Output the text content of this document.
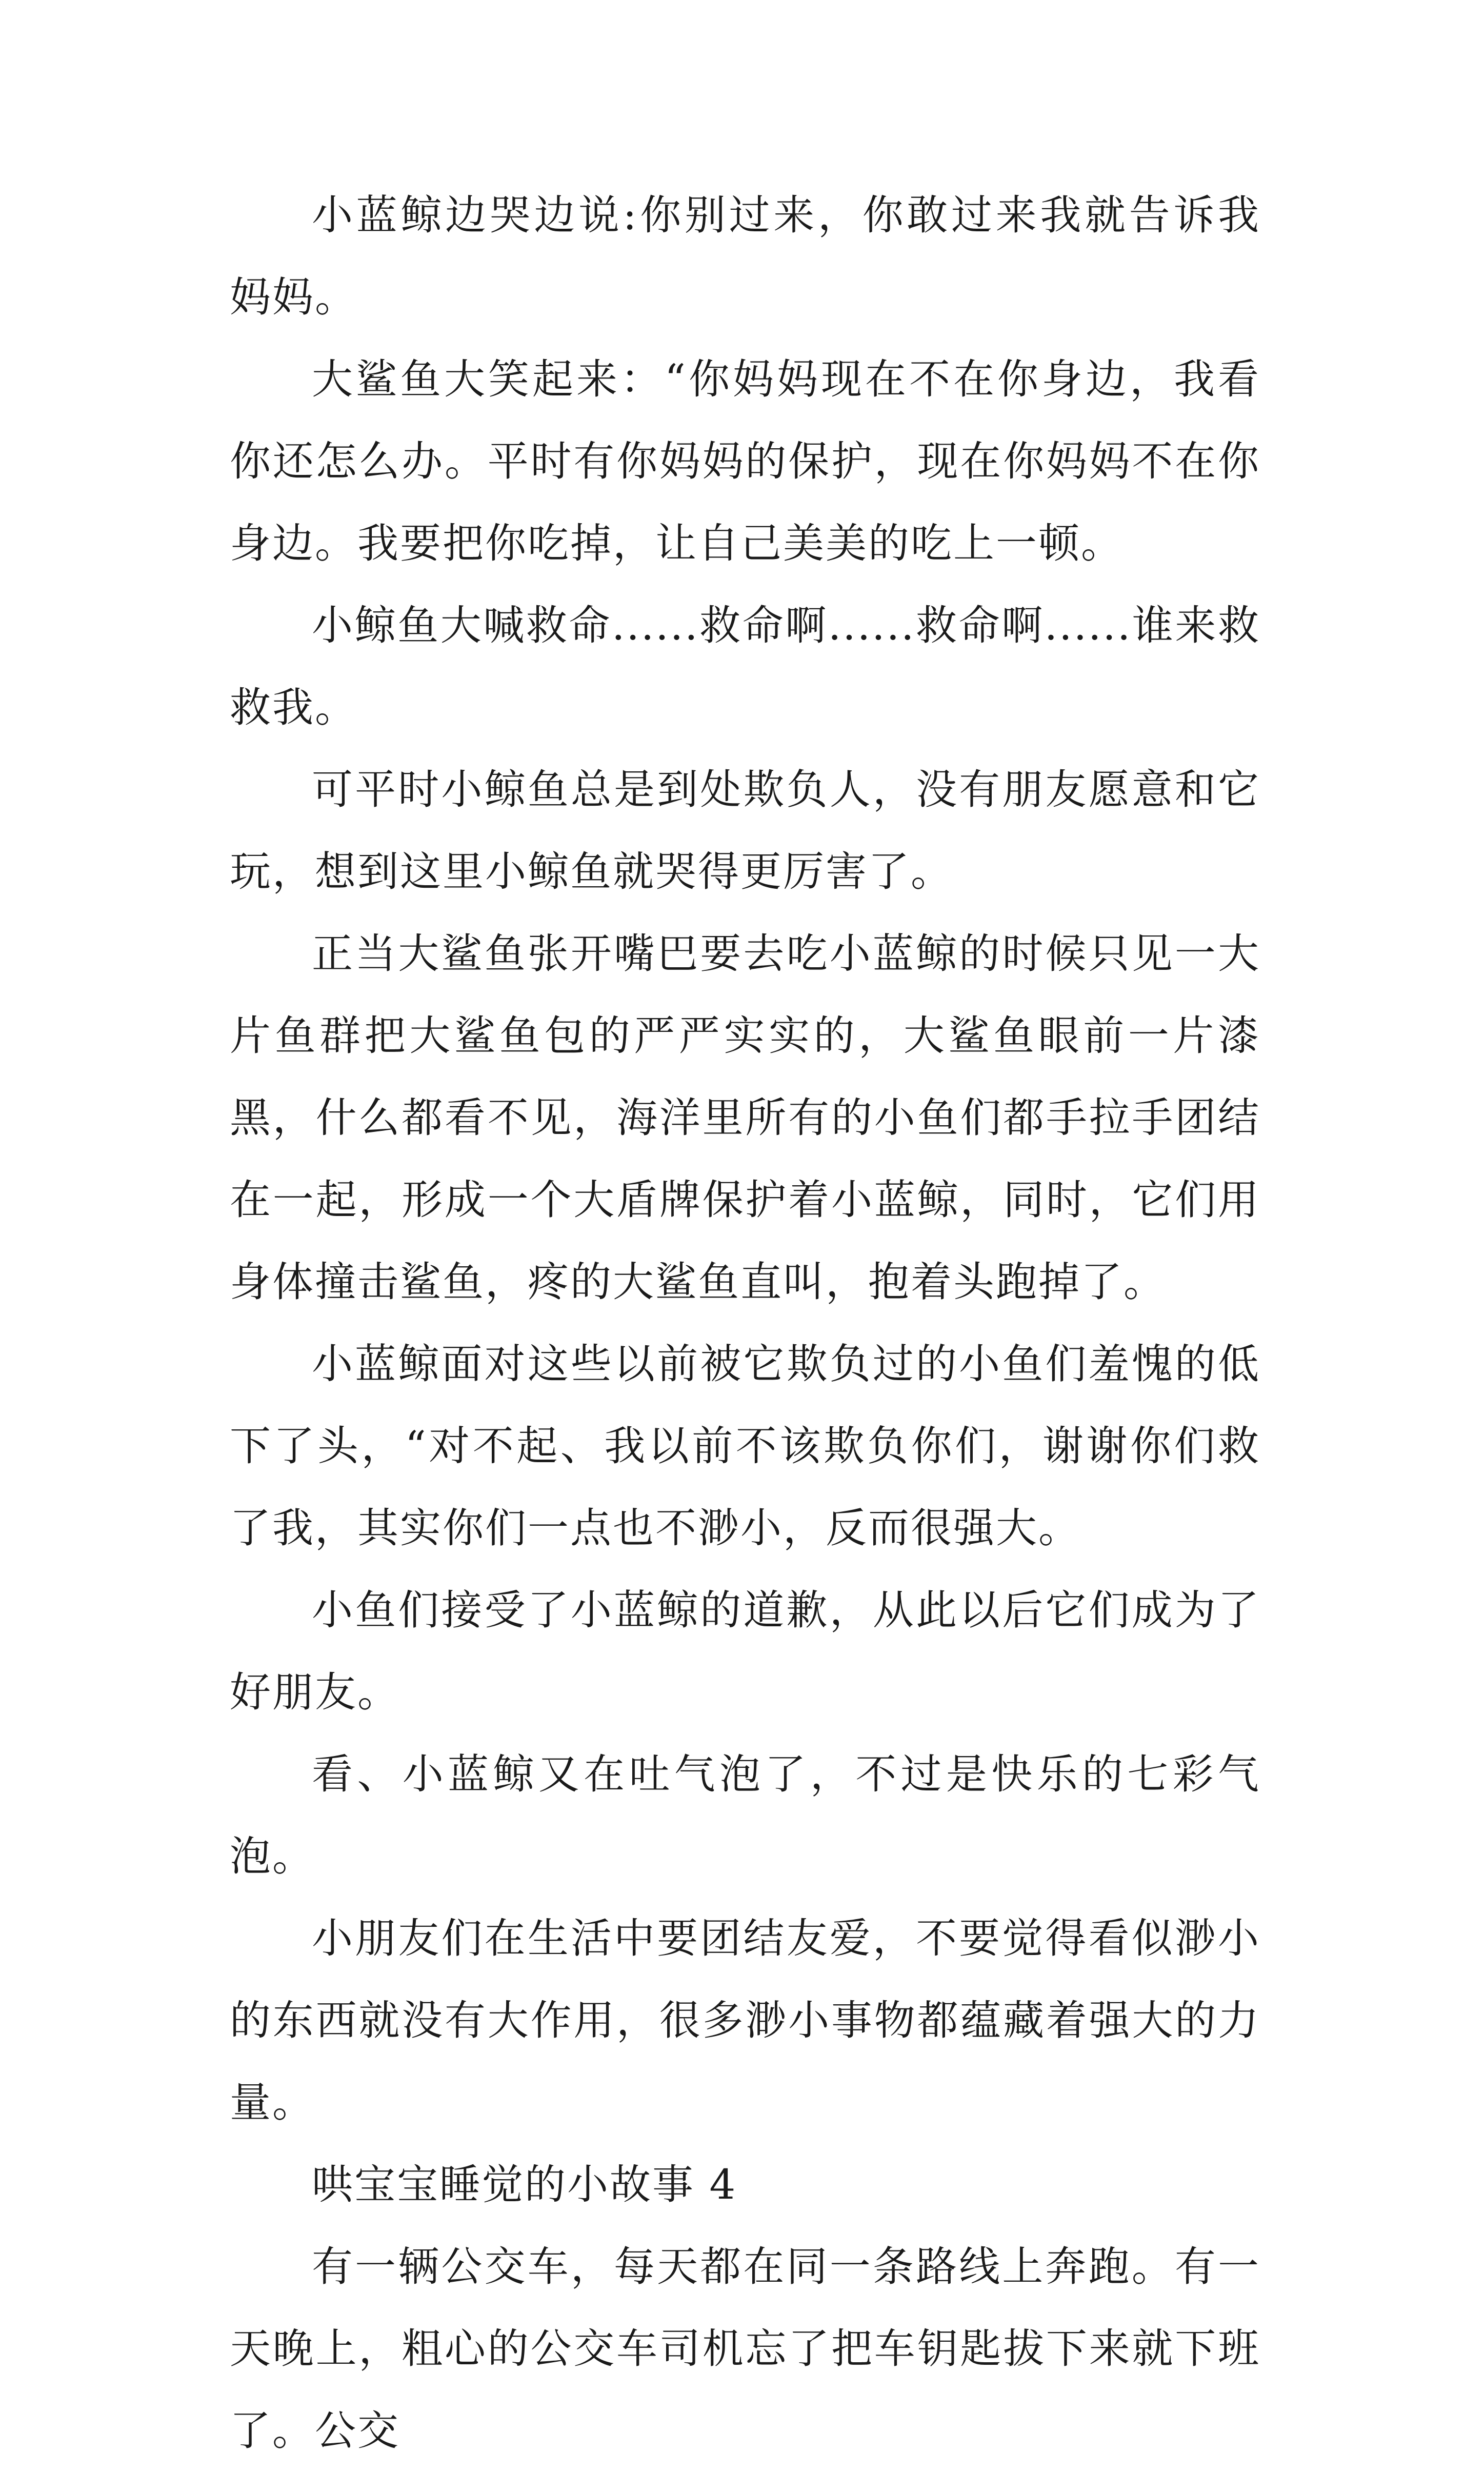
小蓝鲸边哭边说:你别过来，你敢过来我就告诉我妈妈。

大鲨鱼大笑起来：“你妈妈现在不在你身边，我看你还怎么办。平时有你妈妈的保护，现在你妈妈不在你身边。我要把你吃掉，让自己美美的吃上一顿。

小鲸鱼大喊救命......救命啊......救命啊......谁来救救我。

可平时小鲸鱼总是到处欺负人，没有朋友愿意和它玩，想到这里小鲸鱼就哭得更厉害了。

正当大鲨鱼张开嘴巴要去吃小蓝鲸的时候只见一大片鱼群把大鲨鱼包的严严实实的，大鲨鱼眼前一片漆黑，什么都看不见，海洋里所有的小鱼们都手拉手团结在一起，形成一个大盾牌保护着小蓝鲸，同时，它们用身体撞击鲨鱼，疼的大鲨鱼直叫，抱着头跑掉了。

小蓝鲸面对这些以前被它欺负过的小鱼们羞愧的低下了头，“对不起、我以前不该欺负你们，谢谢你们救了我，其实你们一点也不渺小，反而很强大。

小鱼们接受了小蓝鲸的道歉，从此以后它们成为了好朋友。

看、小蓝鲸又在吐气泡了，不过是快乐的七彩气泡。

小朋友们在生活中要团结友爱，不要觉得看似渺小的东西就没有大作用，很多渺小事物都蕴藏着强大的力量。

哄宝宝睡觉的小故事 4

有一辆公交车，每天都在同一条路线上奔跑。有一天晚上，粗心的公交车司机忘了把车钥匙拔下来就下班了。公交
